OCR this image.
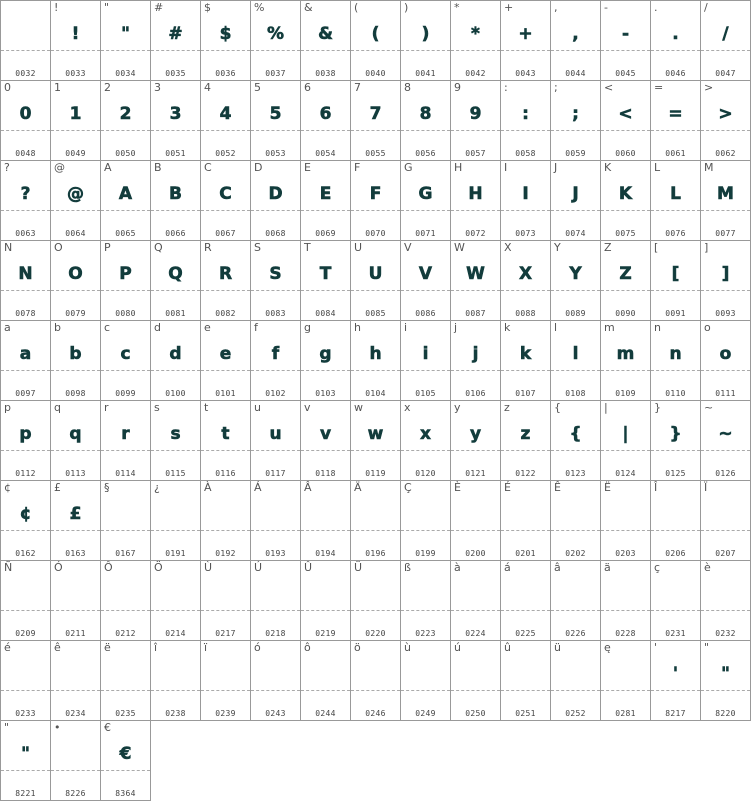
0032
!
!
0033
"
"
0034
#
#
0035
$
$
0036
%
%
0037
&
&
0038
(
(
0040
)
)
0041
*
*
0042
+
+
0043
,
,
0044
-
-
0045
.
.
0046
/
/
0047
0
0
0048
1
1
0049
2
2
0050
3
3
0051
4
4
0052
5
5
0053
6
6
0054
7
7
0055
8
8
0056
9
9
0057
:
:
0058
;
;
0059
<
<
0060
=
=
0061
>
>
0062
?
?
0063
@
@
0064
A
A
0065
B
B
0066
C
C
0067
D
D
0068
E
E
0069
F
F
0070
G
G
0071
H
H
0072
I
I
0073
J
J
0074
K
K
0075
L
L
0076
M
M
0077
N
N
0078
O
O
0079
P
P
0080
Q
Q
0081
R
R
0082
S
S
0083
T
T
0084
U
U
0085
V
V
0086
W
W
0087
X
X
0088
Y
Y
0089
Z
Z
0090
[
[
0091
]
]
0093
a
a
0097
b
b
0098
c
c
0099
d
d
0100
e
e
0101
f
f
0102
g
g
0103
h
h
0104
i
i
0105
j
j
0106
k
k
0107
l
l
0108
m
m
0109
n
n
0110
o
o
0111
p
p
0112
q
q
0113
r
r
0114
s
s
0115
t
t
0116
u
u
0117
v
v
0118
w
w
0119
x
x
0120
y
y
0121
z
z
0122
{
{
0123
|
|
0124
}
}
0125
~
~
0126
¢
¢
0162
£
£
0163
§
0167
¿
0191
À
0192
Á
0193
Â
0194
Ä
0196
Ç
0199
È
0200
É
0201
Ê
0202
Ë
0203
Î
0206
Ï
0207
Ñ
0209
Ó
0211
Ô
0212
Ö
0214
Ù
0217
Ú
0218
Û
0219
Ü
0220
ß
0223
à
0224
á
0225
â
0226
ä
0228
ç
0231
è
0232
é
0233
ê
0234
ë
0235
î
0238
ï
0239
ó
0243
ô
0244
ö
0246
ù
0249
ú
0250
û
0251
ü
0252
ę
0281
'
'
8217
"
"
8220
"
"
8221
•
8226
€
€
8364
